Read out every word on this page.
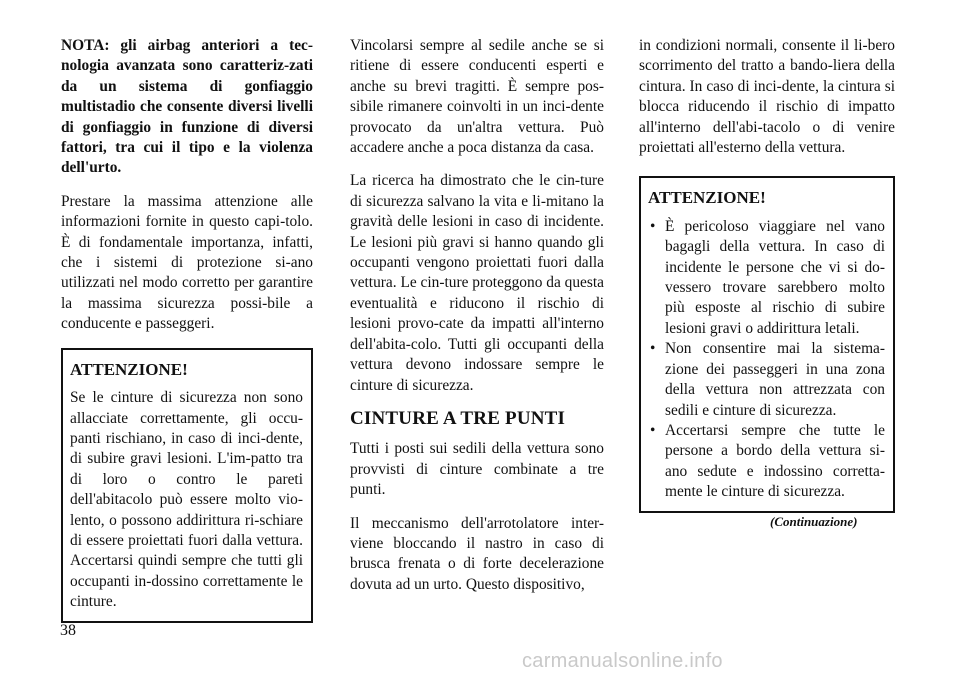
NOTA: gli airbag anteriori a tec-nologia avanzata sono caratteriz-zati da un sistema di gonfiaggio multistadio che consente diversi livelli di gonfiaggio in funzione di diversi fattori, tra cui il tipo e la violenza dell'urto.

Prestare la massima attenzione alle informazioni fornite in questo capi-tolo. È di fondamentale importanza, infatti, che i sistemi di protezione si-ano utilizzati nel modo corretto per garantire la massima sicurezza possi-bile a conducente e passeggeri.

ATTENZIONE!

Se le cinture di sicurezza non sono allacciate correttamente, gli occu-panti rischiano, in caso di inci-dente, di subire gravi lesioni. L'im-patto tra di loro o contro le pareti dell'abitacolo può essere molto vio-lento, o possono addirittura ri-schiare di essere proiettati fuori dalla vettura. Accertarsi quindi sempre che tutti gli occupanti in-dossino correttamente le cinture.

Vincolarsi sempre al sedile anche se si ritiene di essere conducenti esperti e anche su brevi tragitti. È sempre pos-sibile rimanere coinvolti in un inci-dente provocato da un'altra vettura. Può accadere anche a poca distanza da casa.

La ricerca ha dimostrato che le cin-ture di sicurezza salvano la vita e li-mitano la gravità delle lesioni in caso di incidente. Le lesioni più gravi si hanno quando gli occupanti vengono proiettati fuori dalla vettura. Le cin-ture proteggono da questa eventualità e riducono il rischio di lesioni provo-cate da impatti all'interno dell'abita-colo. Tutti gli occupanti della vettura devono indossare sempre le cinture di sicurezza.

CINTURE A TRE PUNTI

Tutti i posti sui sedili della vettura sono provvisti di cinture combinate a tre punti.

Il meccanismo dell'arrotolatore inter-viene bloccando il nastro in caso di brusca frenata o di forte decelerazione dovuta ad un urto. Questo dispositivo,

in condizioni normali, consente il li-bero scorrimento del tratto a bando-liera della cintura. In caso di inci-dente, la cintura si blocca riducendo il rischio di impatto all'interno dell'abi-tacolo o di venire proiettati all'esterno della vettura.

ATTENZIONE!
• È pericoloso viaggiare nel vano bagagli della vettura. In caso di incidente le persone che vi si do-vessero trovare sarebbero molto più esposte al rischio di subire lesioni gravi o addirittura letali.
• Non consentire mai la sistema-zione dei passeggeri in una zona della vettura non attrezzata con sedili e cinture di sicurezza.
• Accertarsi sempre che tutte le persone a bordo della vettura si-ano sedute e indossino corretta-mente le cinture di sicurezza.
(Continuazione)
38
carmanualsonline.info
